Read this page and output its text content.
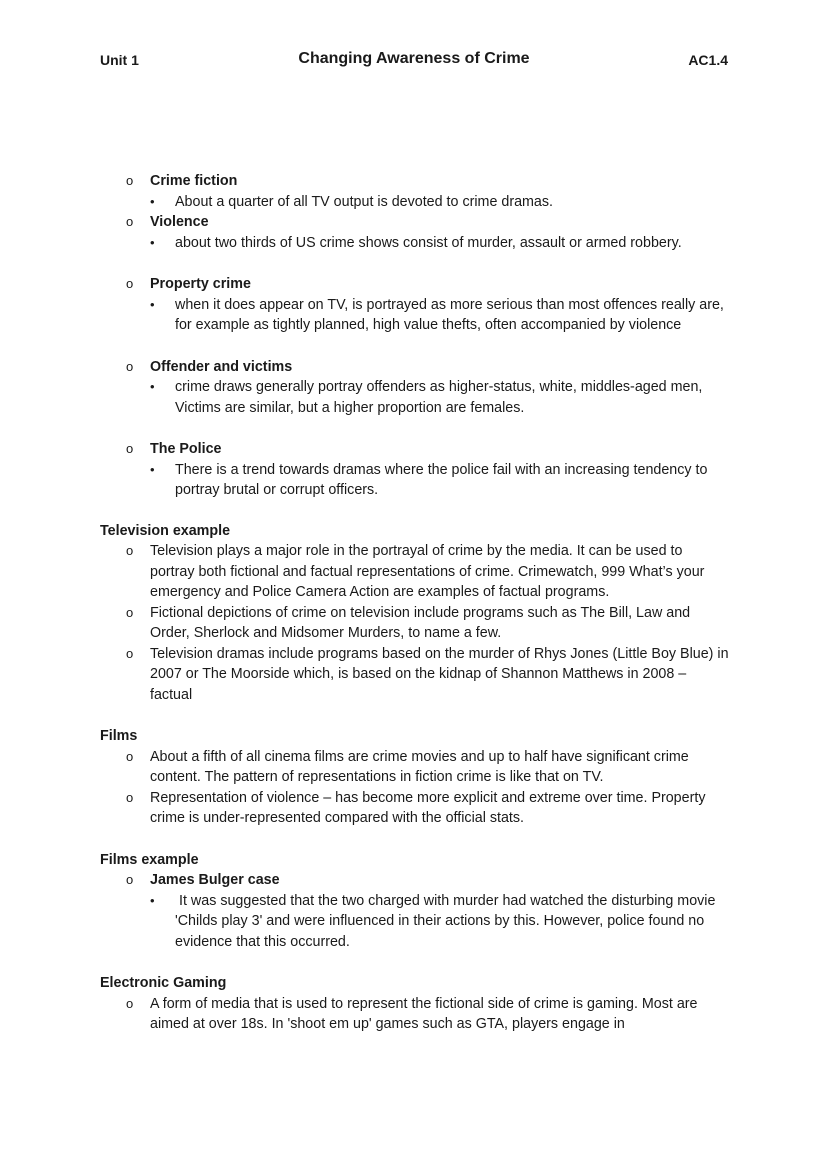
Unit 1	Changing Awareness of Crime	AC1.4
o Crime fiction
• About a quarter of all TV output is devoted to crime dramas.
o Violence
• about two thirds of US crime shows consist of murder, assault or armed robbery.
o Property crime
• when it does appear on TV, is portrayed as more serious than most offences really are, for example as tightly planned, high value thefts, often accompanied by violence
o Offender and victims
• crime draws generally portray offenders as higher-status, white, middles-aged men, Victims are similar, but a higher proportion are females.
o The Police
• There is a trend towards dramas where the police fail with an increasing tendency to portray brutal or corrupt officers.

Television example

o Television plays a major role in the portrayal of crime by the media. It can be used to portray both fictional and factual representations of crime. Crimewatch, 999 What’s your emergency and Police Camera Action are examples of factual programs.
o Fictional depictions of crime on television include programs such as The Bill, Law and Order, Sherlock and Midsomer Murders, to name a few.
o Television dramas include programs based on the murder of Rhys Jones (Little Boy Blue) in 2007 or The Moorside which, is based on the kidnap of Shannon Matthews in 2008 – factual

Films

o About a fifth of all cinema films are crime movies and up to half have significant crime content. The pattern of representations in fiction crime is like that on TV.
o Representation of violence – has become more explicit and extreme over time. Property crime is under-represented compared with the official stats.

Films example

o James Bulger case
• It was suggested that the two charged with murder had watched the disturbing movie 'Childs play 3' and were influenced in their actions by this. However, police found no evidence that this occurred.

Electronic Gaming

o A form of media that is used to represent the fictional side of crime is gaming. Most are aimed at over 18s. In 'shoot em up' games such as GTA, players engage in
